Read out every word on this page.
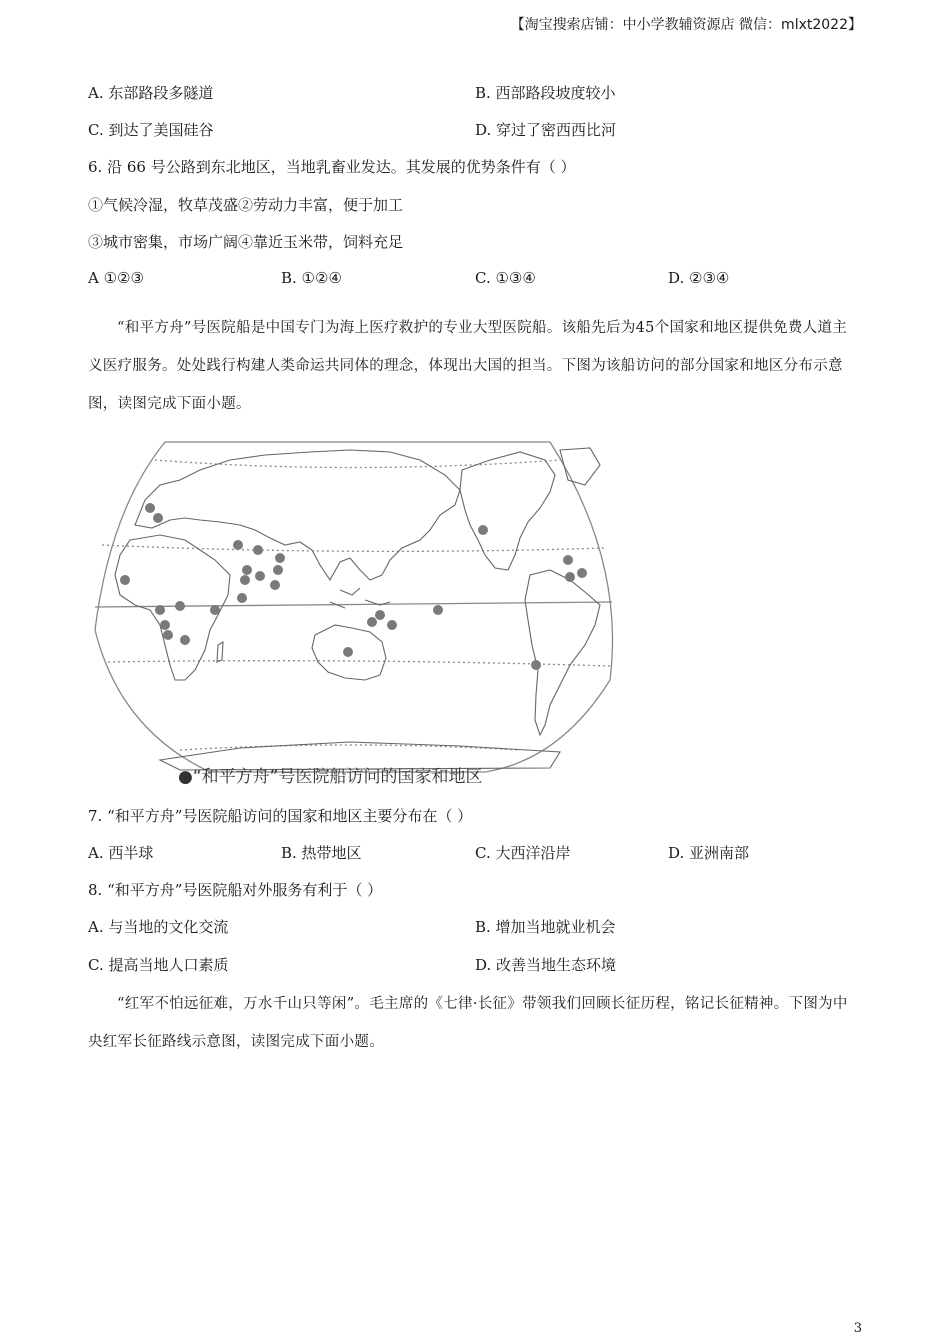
【淘宝搜索店铺：中小学教辅资源店 微信：mlxt2022】
A. 东部路段多隧道	B. 西部路段坡度较小
C. 到达了美国硅谷	D. 穿过了密西西比河
6. 沿 66 号公路到东北地区，当地乳畜业发达。其发展的优势条件有（ ）
①气候冷湿，牧草茂盛②劳动力丰富，便于加工
③城市密集，市场广阔④靠近玉米带，饲料充足
A ①②③	B. ①②④	C. ①③④	D. ②③④
“和平方舟”号医院船是中国专门为海上医疗救护的专业大型医院船。该船先后为45个国家和地区提供免费人道主义医疗服务。处处践行构建人类命运共同体的理念，体现出大国的担当。下图为该船访问的部分国家和地区分布示意图，读图完成下面小题。
●“和平方舟”号医院船访问的国家和地区
7. “和平方舟”号医院船访问的国家和地区主要分布在（ ）
A. 西半球	B. 热带地区	C. 大西洋沿岸	D. 亚洲南部
8. “和平方舟”号医院船对外服务有利于（ ）
A. 与当地的文化交流	B. 增加当地就业机会
C. 提高当地人口素质	D. 改善当地生态环境
“红军不怕远征难，万水千山只等闲”。毛主席的《七律·长征》带领我们回顾长征历程，铭记长征精神。下图为中央红军长征路线示意图，读图完成下面小题。
3
